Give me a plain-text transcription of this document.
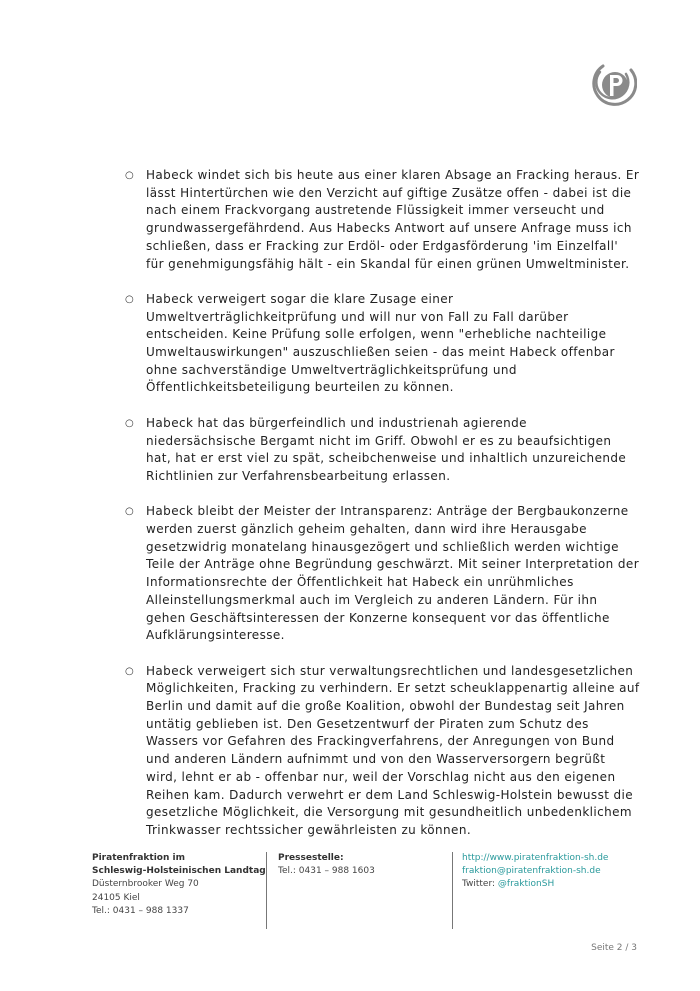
○ Habeck windet sich bis heute aus einer klaren Absage an Fracking heraus. Er lässt Hintertürchen wie den Verzicht auf giftige Zusätze offen - dabei ist die nach einem Frackvorgang austretende Flüssigkeit immer verseucht und grundwassergefährdend. Aus Habecks Antwort auf unsere Anfrage muss ich schließen, dass er Fracking zur Erdöl- oder Erdgasförderung 'im Einzelfall' für genehmigungsfähig hält - ein Skandal für einen grünen Umweltminister.
○ Habeck verweigert sogar die klare Zusage einer Umweltverträglichkeitprüfung und will nur von Fall zu Fall darüber entscheiden. Keine Prüfung solle erfolgen, wenn "erhebliche nachteilige Umweltauswirkungen" auszuschließen seien - das meint Habeck offenbar ohne sachverständige Umweltverträglichkeitsprüfung und Öffentlichkeitsbeteiligung beurteilen zu können.
○ Habeck hat das bürgerfeindlich und industrienah agierende niedersächsische Bergamt nicht im Griff. Obwohl er es zu beaufsichtigen hat, hat er erst viel zu spät, scheibchenweise und inhaltlich unzureichende Richtlinien zur Verfahrensbearbeitung erlassen.
○ Habeck bleibt der Meister der Intransparenz: Anträge der Bergbaukonzerne werden zuerst gänzlich geheim gehalten, dann wird ihre Herausgabe gesetzwidrig monatelang hinausgezögert und schließlich werden wichtige Teile der Anträge ohne Begründung geschwärzt. Mit seiner Interpretation der Informationsrechte der Öffentlichkeit hat Habeck ein unrühmliches Alleinstellungsmerkmal auch im Vergleich zu anderen Ländern. Für ihn gehen Geschäftsinteressen der Konzerne konsequent vor das öffentliche Aufklärungsinteresse.
○ Habeck verweigert sich stur verwaltungsrechtlichen und landesgesetzlichen Möglichkeiten, Fracking zu verhindern. Er setzt scheuklappenartig alleine auf Berlin und damit auf die große Koalition, obwohl der Bundestag seit Jahren untätig geblieben ist. Den Gesetzentwurf der Piraten zum Schutz des Wassers vor Gefahren des Frackingverfahrens, der Anregungen von Bund und anderen Ländern aufnimmt und von den Wasserversorgern begrüßt wird, lehnt er ab - offenbar nur, weil der Vorschlag nicht aus den eigenen Reihen kam. Dadurch verwehrt er dem Land Schleswig-Holstein bewusst die gesetzliche Möglichkeit, die Versorgung mit gesundheitlich unbedenklichem Trinkwasser rechtssicher gewährleisten zu können.
Piratenfraktion im
Schleswig-Holsteinischen Landtag
Düsternbrooker Weg 70
24105 Kiel
Tel.: 0431 – 988 1337
Pressestelle:
Tel.: 0431 – 988 1603
http://www.piratenfraktion-sh.de
fraktion@piratenfraktion-sh.de
Twitter: @fraktionSH
Seite 2 / 3
